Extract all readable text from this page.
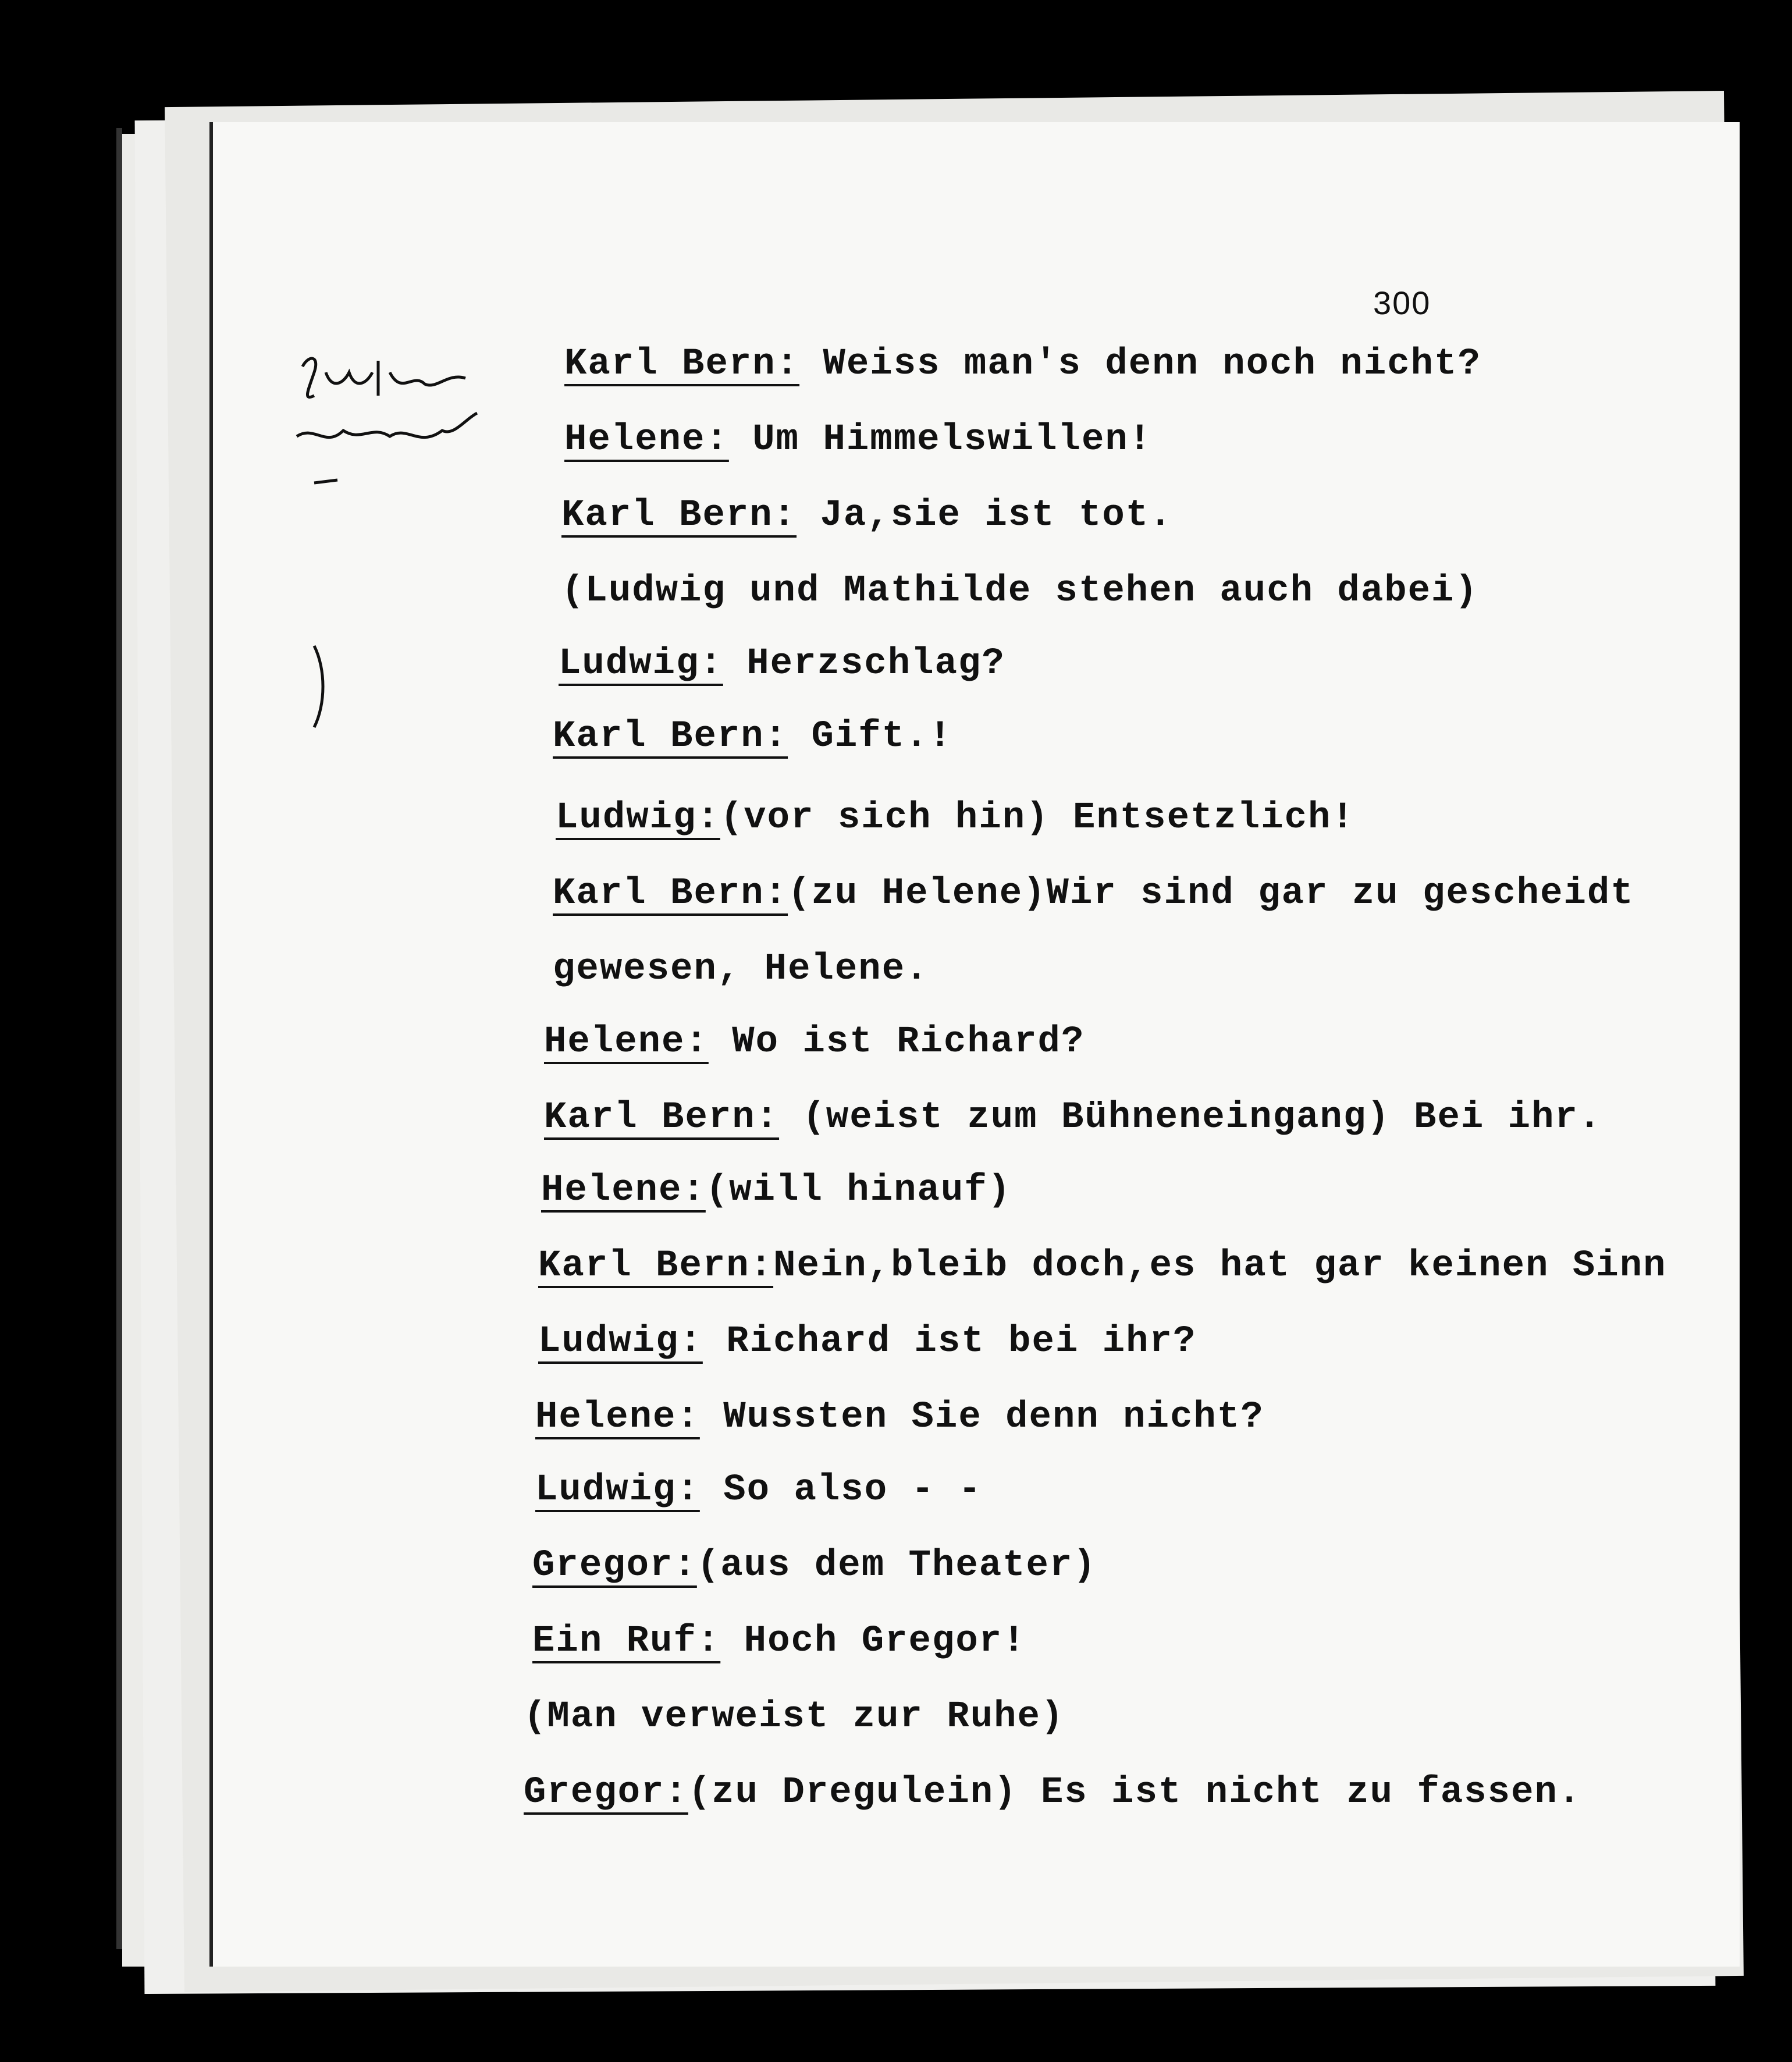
300
Karl Bern: Weiss man's denn noch nicht?
Helene: Um Himmelswillen!
Karl Bern: Ja,sie ist tot.
(Ludwig und Mathilde stehen auch dabei)
Ludwig: Herzschlag?
Karl Bern: Gift.!
Ludwig:(vor sich hin) Entsetzlich!
Karl Bern:(zu Helene)Wir sind gar zu gescheidt
gewesen, Helene.
Helene: Wo ist Richard?
Karl Bern: (weist zum Bühneneingang) Bei ihr.
Helene:(will hinauf)
Karl Bern:Nein,bleib doch,es hat gar keinen Sinn
Ludwig: Richard ist bei ihr?
Helene: Wussten Sie denn nicht?
Ludwig: So also - -
Gregor:(aus dem Theater)
Ein Ruf: Hoch Gregor!
(Man verweist zur Ruhe)
Gregor:(zu Dregulein) Es ist nicht zu fassen.
